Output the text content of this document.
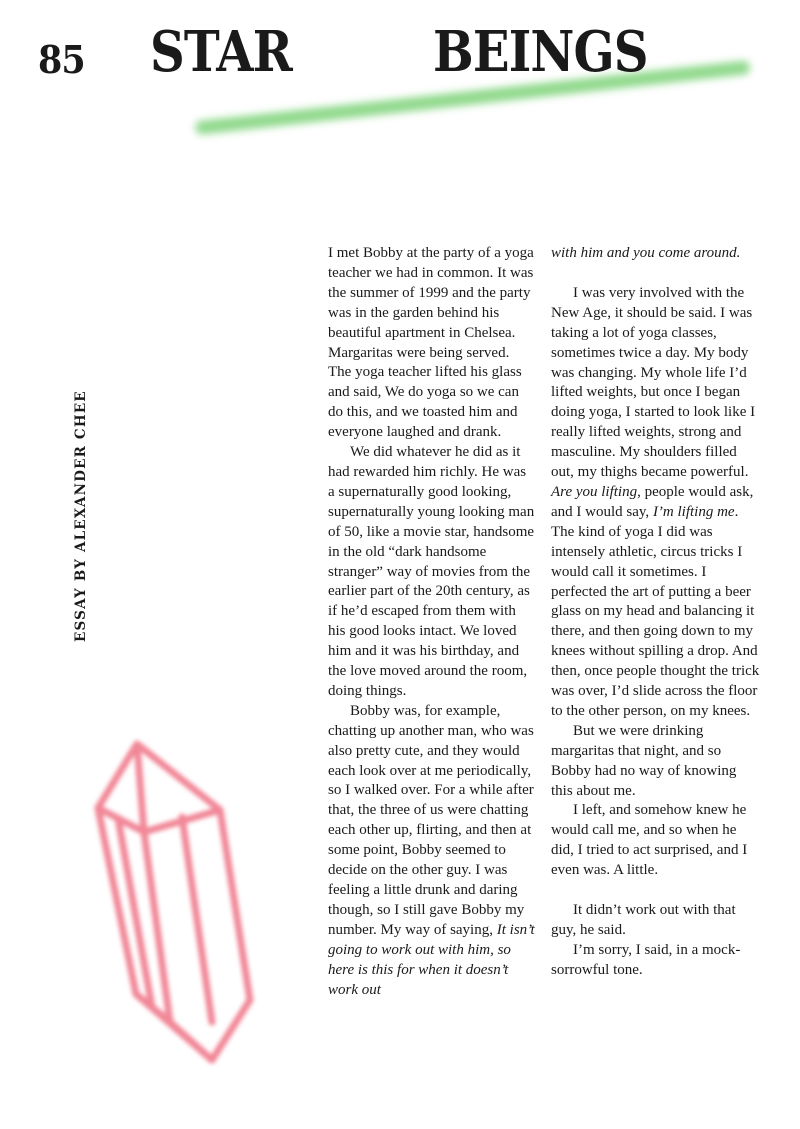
85 STAR	BEINGS
ESSAY BY ALEXANDER CHEE

I met Bobby at the party of a yoga teacher we had in common. It was the summer of 1999 and the party was in the garden behind his beautiful apartment in Chelsea. Margaritas were being served. The yoga teacher lifted his glass and said, We do yoga so we can do this, and we toasted him and everyone laughed and drank.

We did whatever he did as it had rewarded him richly. He was a supernaturally good looking, supernaturally young looking man of 50, like a movie star, handsome in the old “dark handsome stranger” way of movies from the earlier part of the 20th century, as if he’d escaped from them with his good looks intact. We loved him and it was his birthday, and the love moved around the room, doing things.

Bobby was, for example, chatting up another man, who was also pretty cute, and they would each look over at me periodically, so I walked over. For a while after that, the three of us were chatting each other up, flirting, and then at some point, Bobby seemed to decide on the other guy. I was feeling a little drunk and daring though, so I still gave Bobby my number. My way of saying, It isn’t going to work out with him, so here is this for when it doesn’t work out

with him and you come around.

I was very involved with the New Age, it should be said. I was taking a lot of yoga classes, sometimes twice a day. My body was changing. My whole life I’d lifted weights, but once I began doing yoga, I started to look like I really lifted weights, strong and masculine. My shoulders filled out, my thighs became powerful. Are you lifting, people would ask, and I would say, I’m lifting me. The kind of yoga I did was intensely athletic, circus tricks I would call it sometimes. I perfected the art of putting a beer glass on my head and balancing it there, and then going down to my knees without spilling a drop. And then, once people thought the trick was over, I’d slide across the floor to the other person, on my knees.

But we were drinking margaritas that night, and so Bobby had no way of knowing this about me.

I left, and somehow knew he would call me, and so when he did, I tried to act surprised, and I even was. A little.

It didn’t work out with that guy, he said.

I’m sorry, I said, in a mock-sorrowful tone.
